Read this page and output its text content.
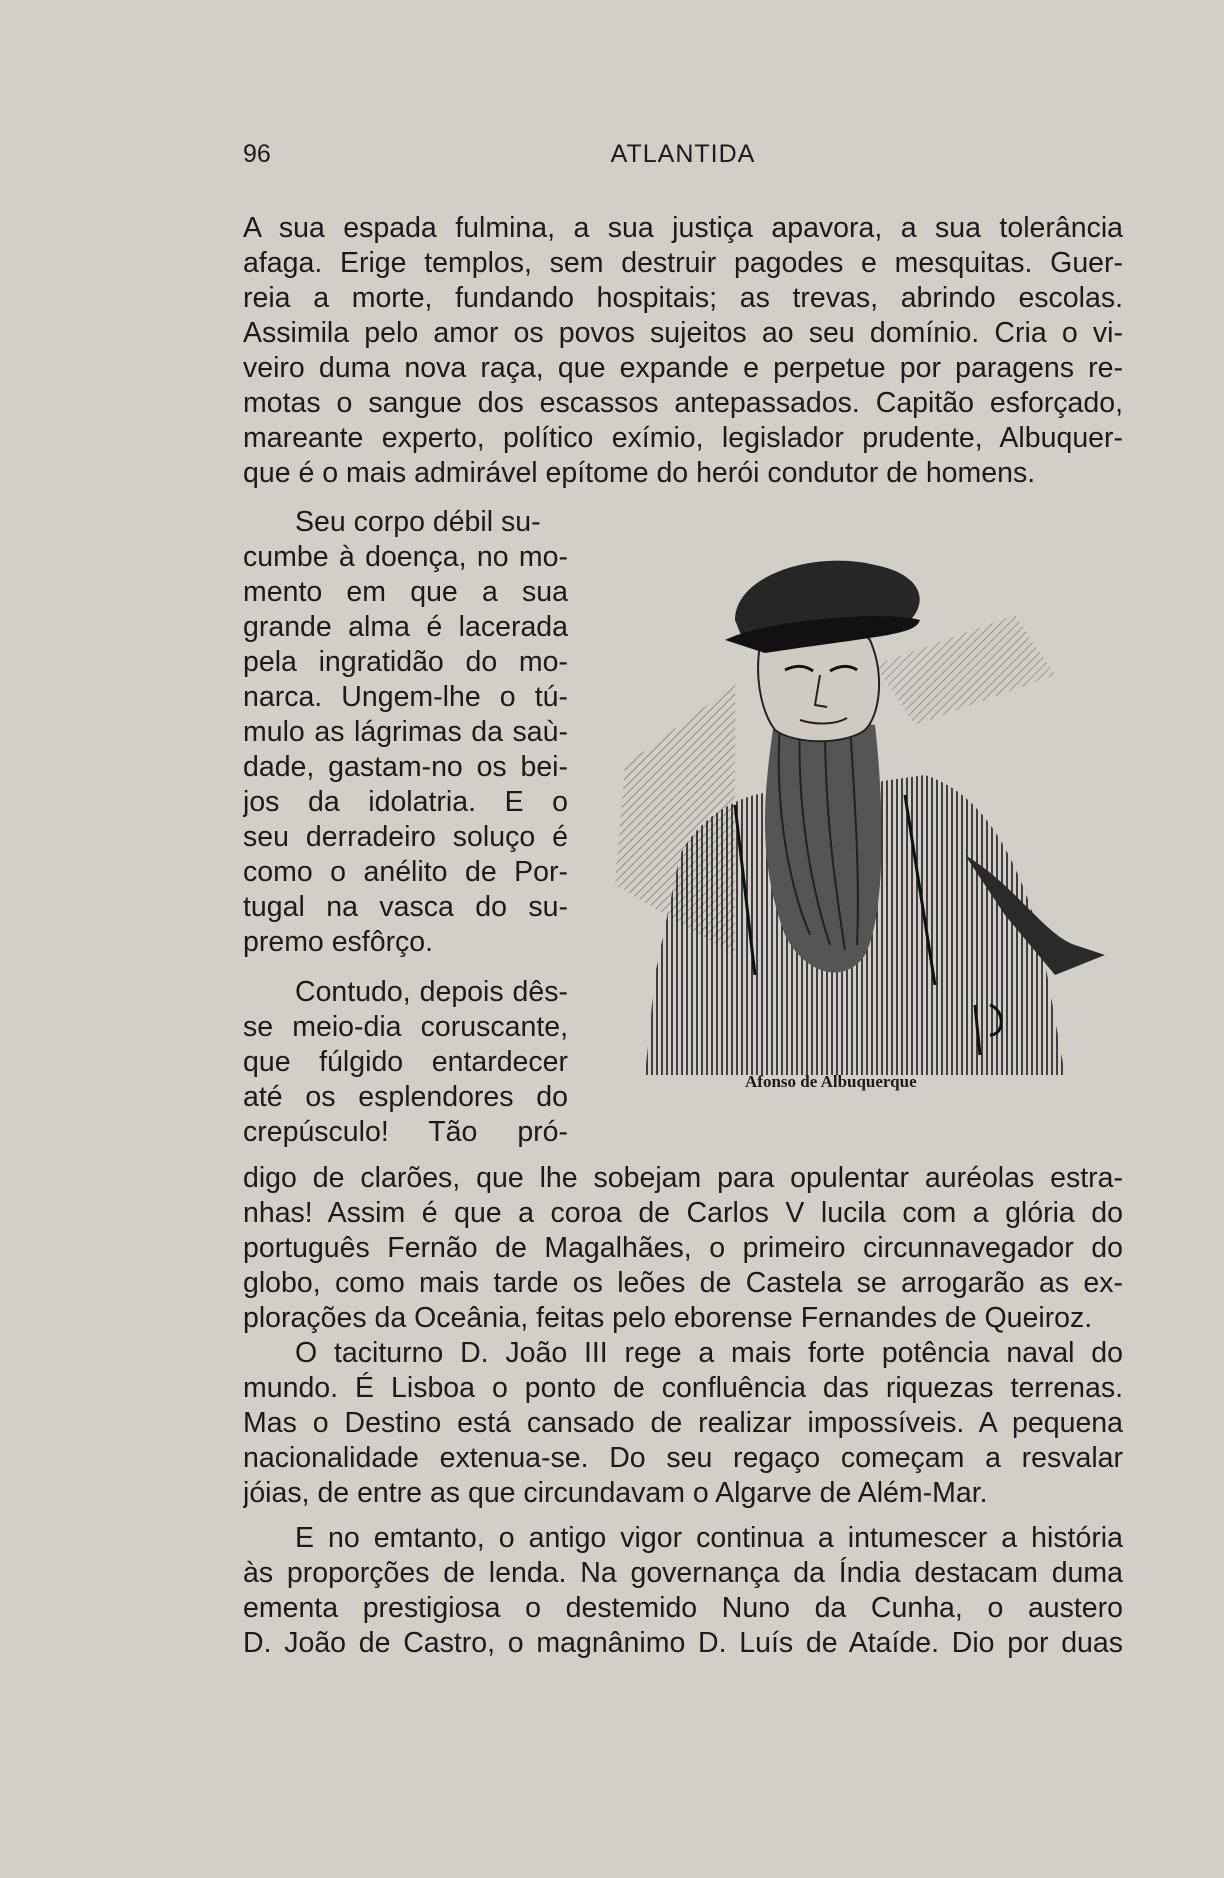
96	ATLANTIDA
A sua espada fulmina, a sua justiça apavora, a sua tolerância
afaga. Erige templos, sem destruir pagodes e mesquitas. Guer-
reia a morte, fundando hospitais; as trevas, abrindo escolas.
Assimila pelo amor os povos sujeitos ao seu domínio. Cria o vi-
veiro duma nova raça, que expande e perpetue por paragens re-
motas o sangue dos escassos antepassados. Capitão esforçado,
mareante experto, político exímio, legislador prudente, Albuquer-
que é o mais admirável epítome do herói condutor de homens.
Seu corpo débil su-
cumbe à doença, no mo-
mento em que a sua
grande alma é lacerada
pela ingratidão do mo-
narca. Ungem-lhe o tú-
mulo as lágrimas da saù-
dade, gastam-no os bei-
jos da idolatria. E o
seu derradeiro soluço é
como o anélito de Por-
tugal na vasca do su-
premo esfôrço.
Contudo, depois dês-
se meio-dia coruscante,
que fúlgido entardecer
até os esplendores do
crepúsculo! Tão pró-
digo de clarões, que lhe sobejam para opulentar auréolas estra-
nhas! Assim é que a coroa de Carlos V lucila com a glória do
português Fernão de Magalhães, o primeiro circunnavegador do
globo, como mais tarde os leões de Castela se arrogarão as ex-
plorações da Oceânia, feitas pelo eborense Fernandes de Queiroz.
O taciturno D. João III rege a mais forte potência naval do
mundo. É Lisboa o ponto de confluência das riquezas terrenas.
Mas o Destino está cansado de realizar impossíveis. A pequena
nacionalidade extenua-se. Do seu regaço começam a resvalar
jóias, de entre as que circundavam o Algarve de Além-Mar.
E no emtanto, o antigo vigor continua a intumescer a história
às proporções de lenda. Na governança da Índia destacam duma
ementa prestigiosa o destemido Nuno da Cunha, o austero
D. João de Castro, o magnânimo D. Luís de Ataíde. Dio por duas
Afonso de Albuquerque
